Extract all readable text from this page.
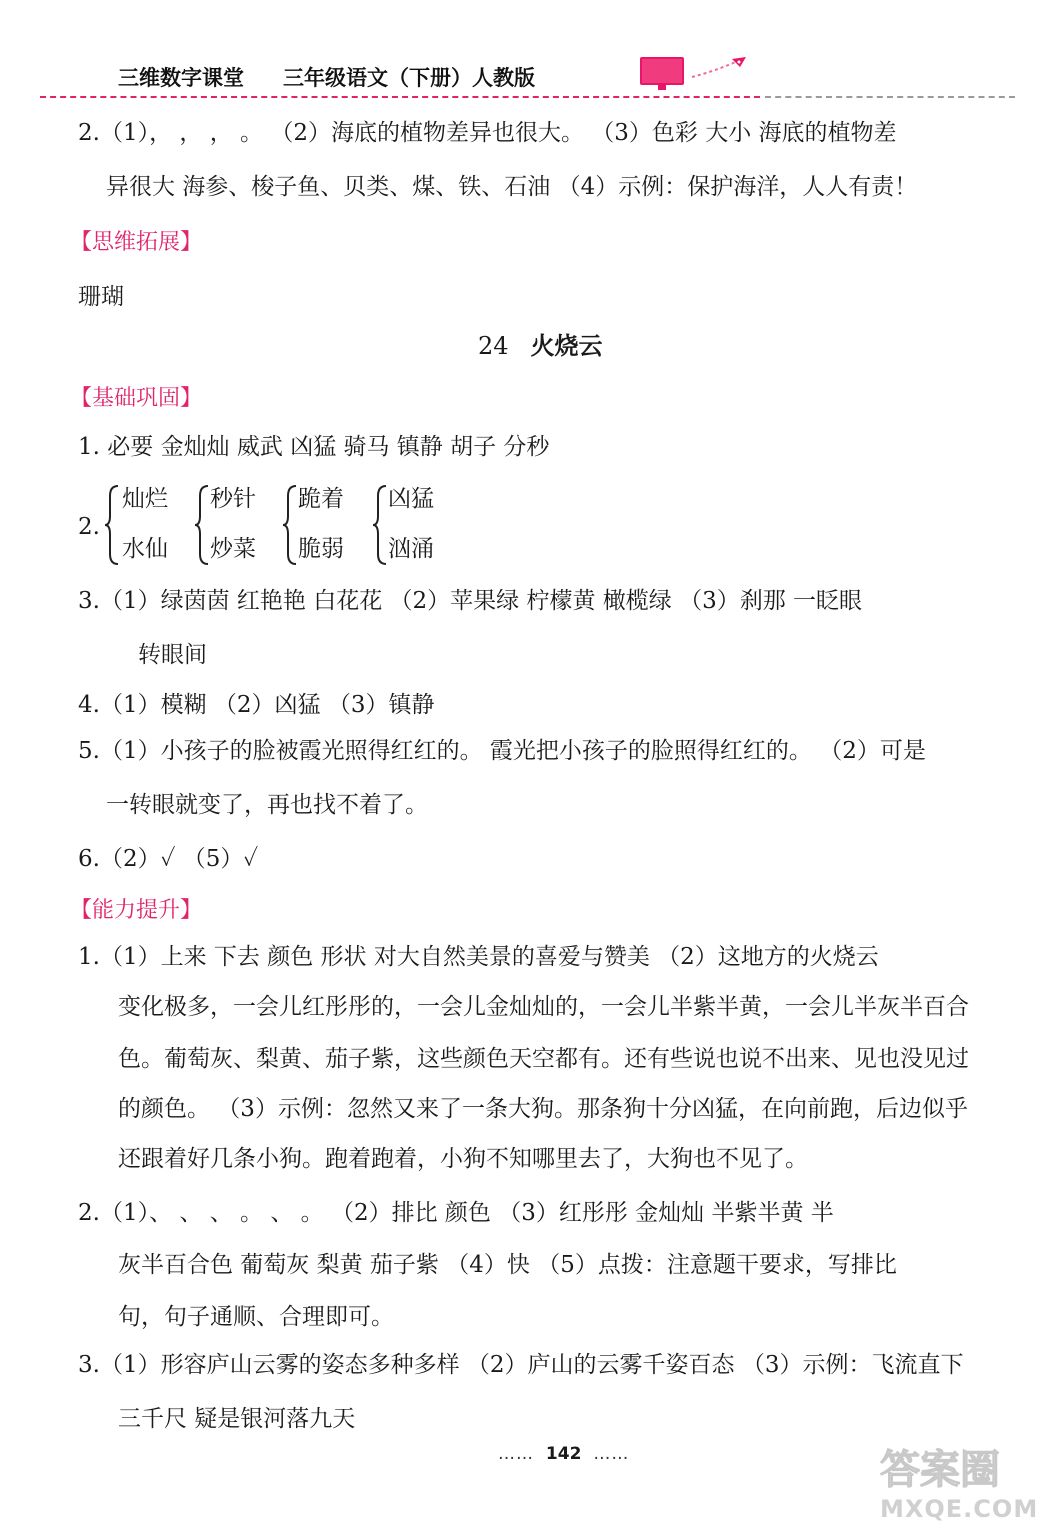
三维数字课堂 三年级语文（下册）人教版
2.（1）， ， ， 。 （2）海底的植物差异也很大。 （3）色彩 大小 海底的植物差
异很大 海参、梭子鱼、贝类、煤、铁、石油 （4）示例：保护海洋，人人有责！
【思维拓展】
珊瑚
24 火烧云
【基础巩固】
1. 必要 金灿灿 威武 凶猛 骑马 镇静 胡子 分秒
2.
灿烂
水仙
秒针
炒菜
跪着
脆弱
凶猛
汹涌
3.（1）绿茵茵 红艳艳 白花花 （2）苹果绿 柠檬黄 橄榄绿 （3）刹那 一眨眼
转眼间
4.（1）模糊 （2）凶猛 （3）镇静
5.（1）小孩子的脸被霞光照得红红的。 霞光把小孩子的脸照得红红的。 （2）可是
一转眼就变了，再也找不着了。
6.（2）✓ （5）✓
【能力提升】
1.（1）上来 下去 颜色 形状 对大自然美景的喜爱与赞美 （2）这地方的火烧云
变化极多，一会儿红彤彤的，一会儿金灿灿的，一会儿半紫半黄，一会儿半灰半百合
色。葡萄灰、梨黄、茄子紫，这些颜色天空都有。还有些说也说不出来、见也没见过
的颜色。 （3）示例：忽然又来了一条大狗。那条狗十分凶猛，在向前跑，后边似乎
还跟着好几条小狗。跑着跑着，小狗不知哪里去了，大狗也不见了。
2.（1）、 、 、 。 、 。 （2）排比 颜色 （3）红彤彤 金灿灿 半紫半黄 半
灰半百合色 葡萄灰 梨黄 茄子紫 （4）快 （5）点拨：注意题干要求，写排比
句，句子通顺、合理即可。
3.（1）形容庐山云雾的姿态多种多样 （2）庐山的云雾千姿百态 （3）示例：飞流直下
三千尺 疑是银河落九天
…… 142 ……	答案圈
MXQE.COM
